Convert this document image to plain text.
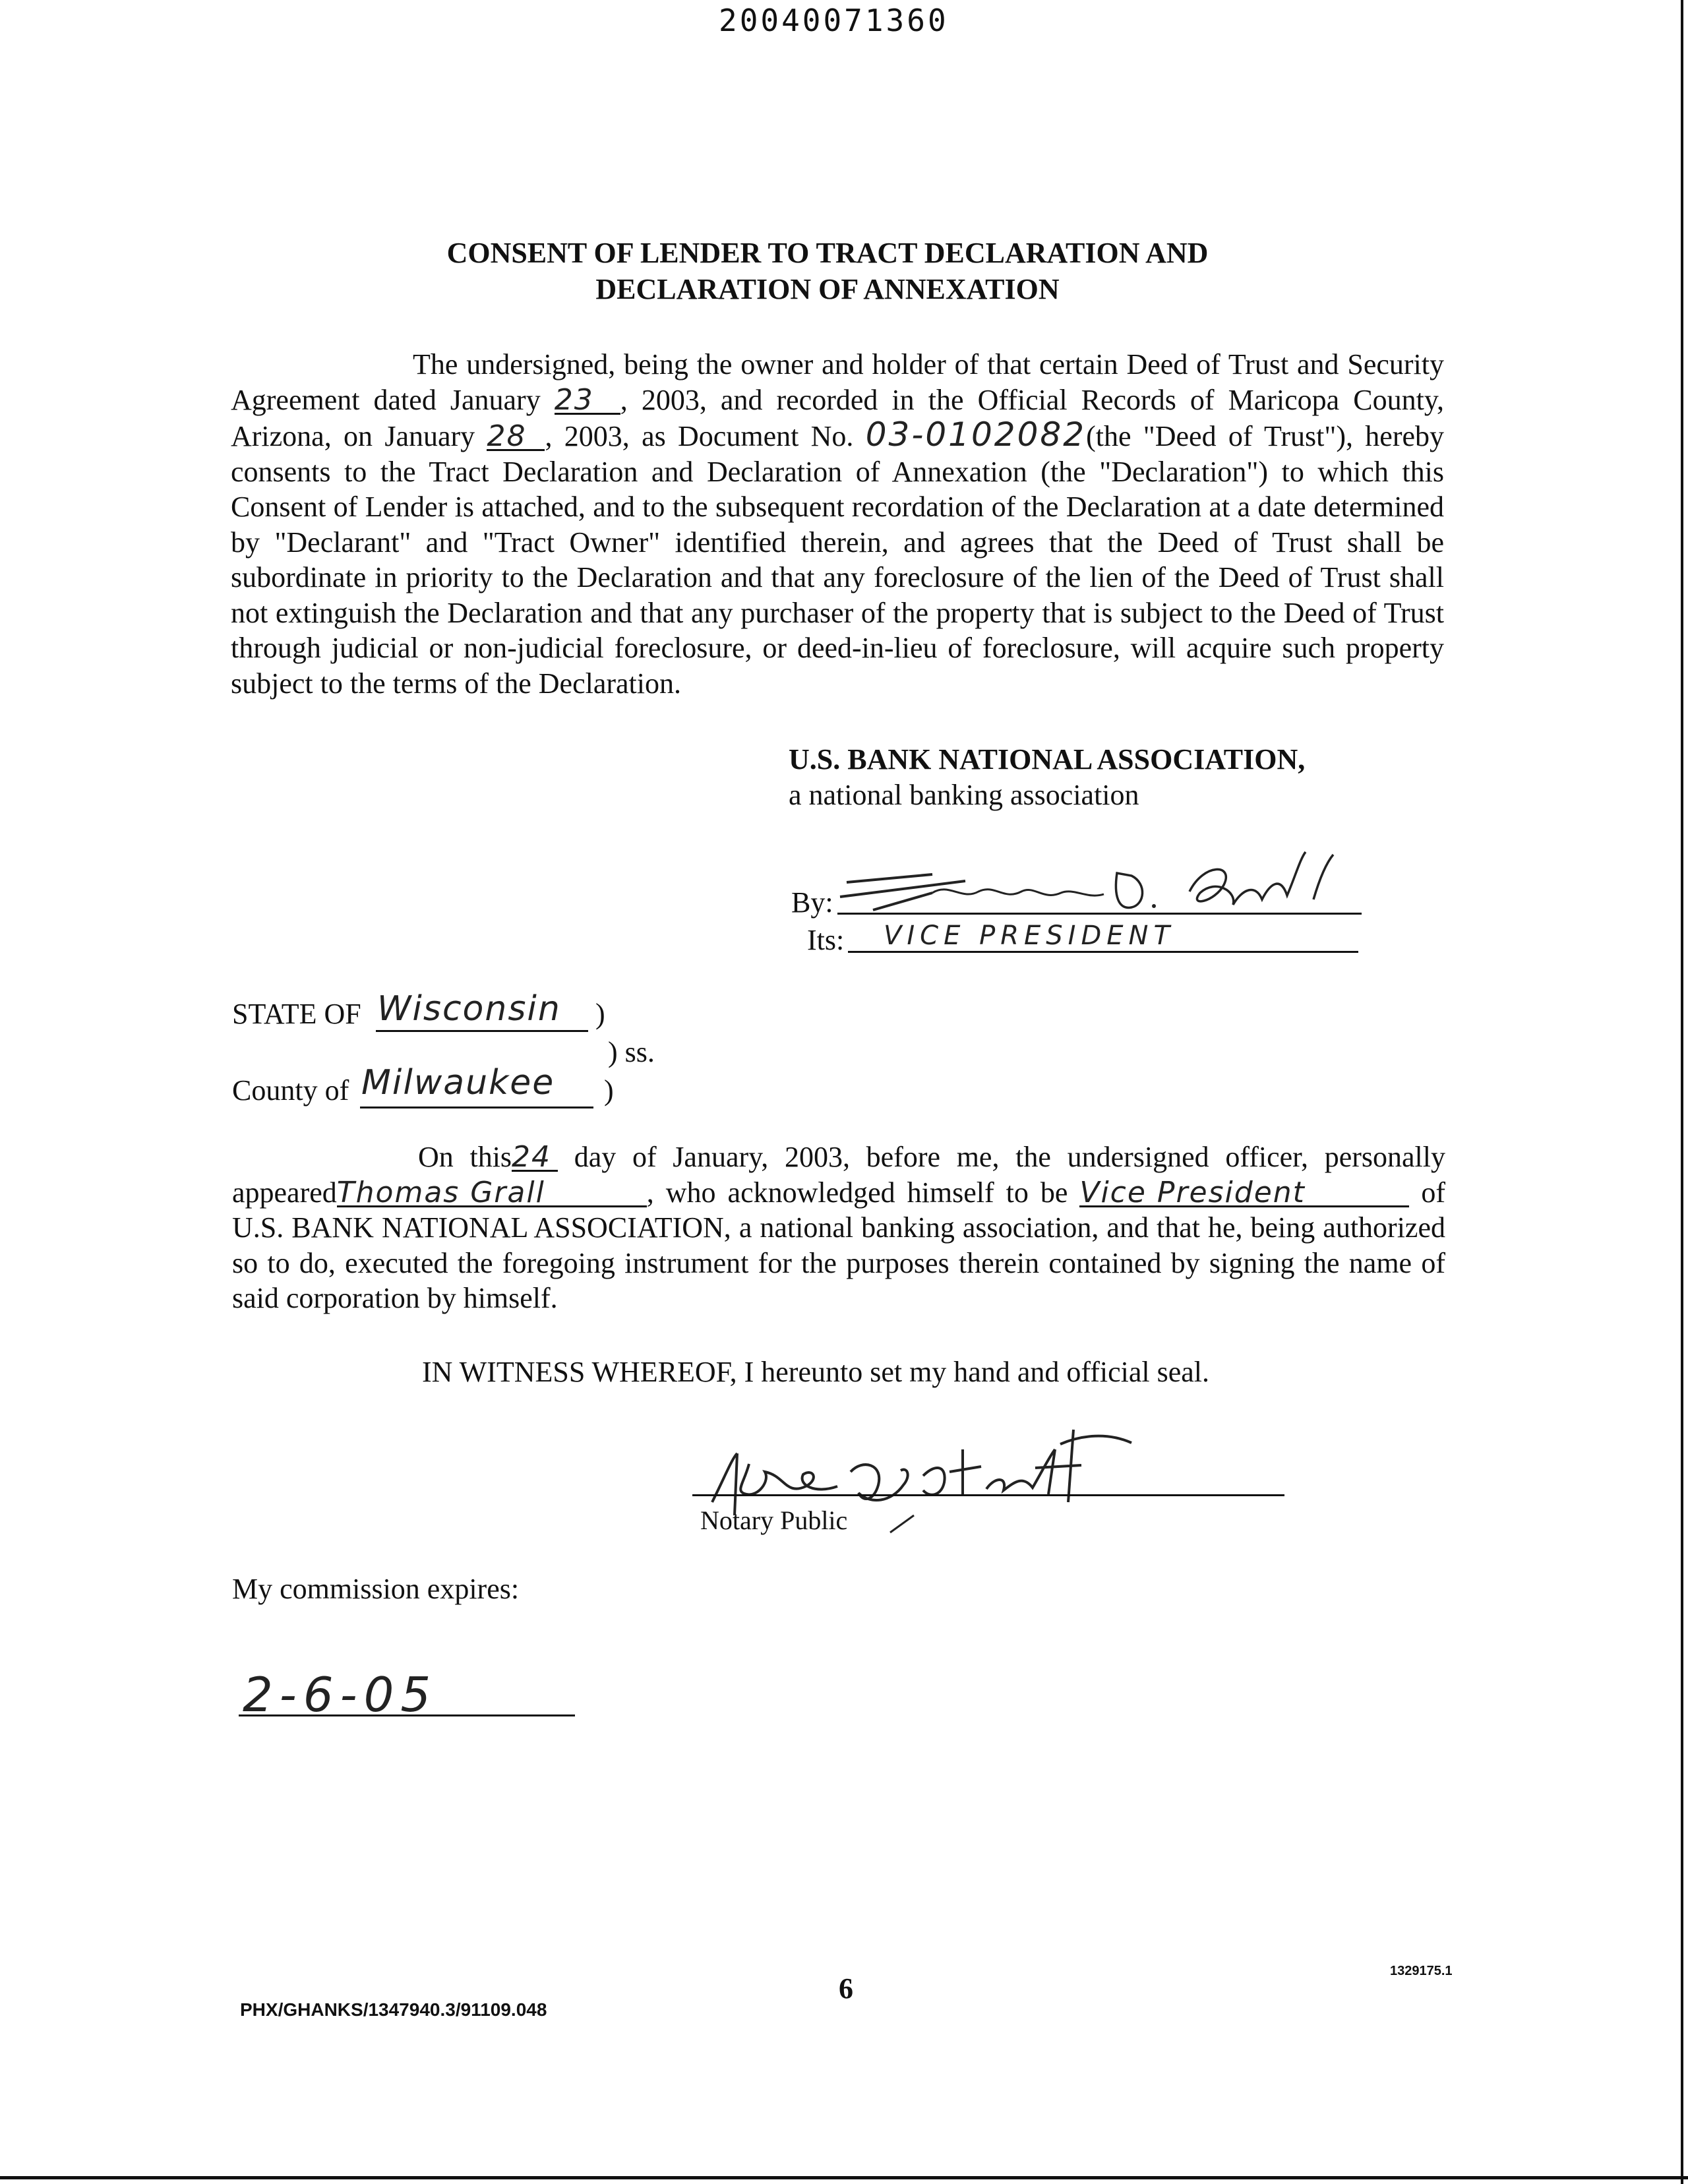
20040071360
CONSENT OF LENDER TO TRACT DECLARATION AND
DECLARATION OF ANNEXATION
The undersigned, being the owner and holder of that certain Deed of Trust and Security Agreement dated January 23 , 2003, and recorded in the Official Records of Maricopa County, Arizona, on January 28 , 2003, as Document No. 03-0102082(the "Deed of Trust"), hereby consents to the Tract Declaration and Declaration of Annexation (the "Declaration") to which this Consent of Lender is attached, and to the subsequent recordation of the Declaration at a date determined by "Declarant" and "Tract Owner" identified therein, and agrees that the Deed of Trust shall be subordinate in priority to the Declaration and that any foreclosure of the lien of the Deed of Trust shall not extinguish the Declaration and that any purchaser of the property that is subject to the Deed of Trust through judicial or non-judicial foreclosure, or deed-in-lieu of foreclosure, will acquire such property subject to the terms of the Declaration.
U.S. BANK NATIONAL ASSOCIATION,
a national banking association
By:
Its: VICE PRESIDENT
STATE OF Wisconsin )
) ss.
County of Milwaukee )
On this24 day of January, 2003, before me, the undersigned officer, personally appearedThomas Grall	, who acknowledged himself to be Vice President	of U.S. BANK NATIONAL ASSOCIATION, a national banking association, and that he, being authorized so to do, executed the foregoing instrument for the purposes therein contained by signing the name of said corporation by himself.
IN WITNESS WHEREOF, I hereunto set my hand and official seal.
Notary Public
My commission expires:
2-6-05
PHX/GHANKS/1347940.3/91109.048
6
1329175.1
